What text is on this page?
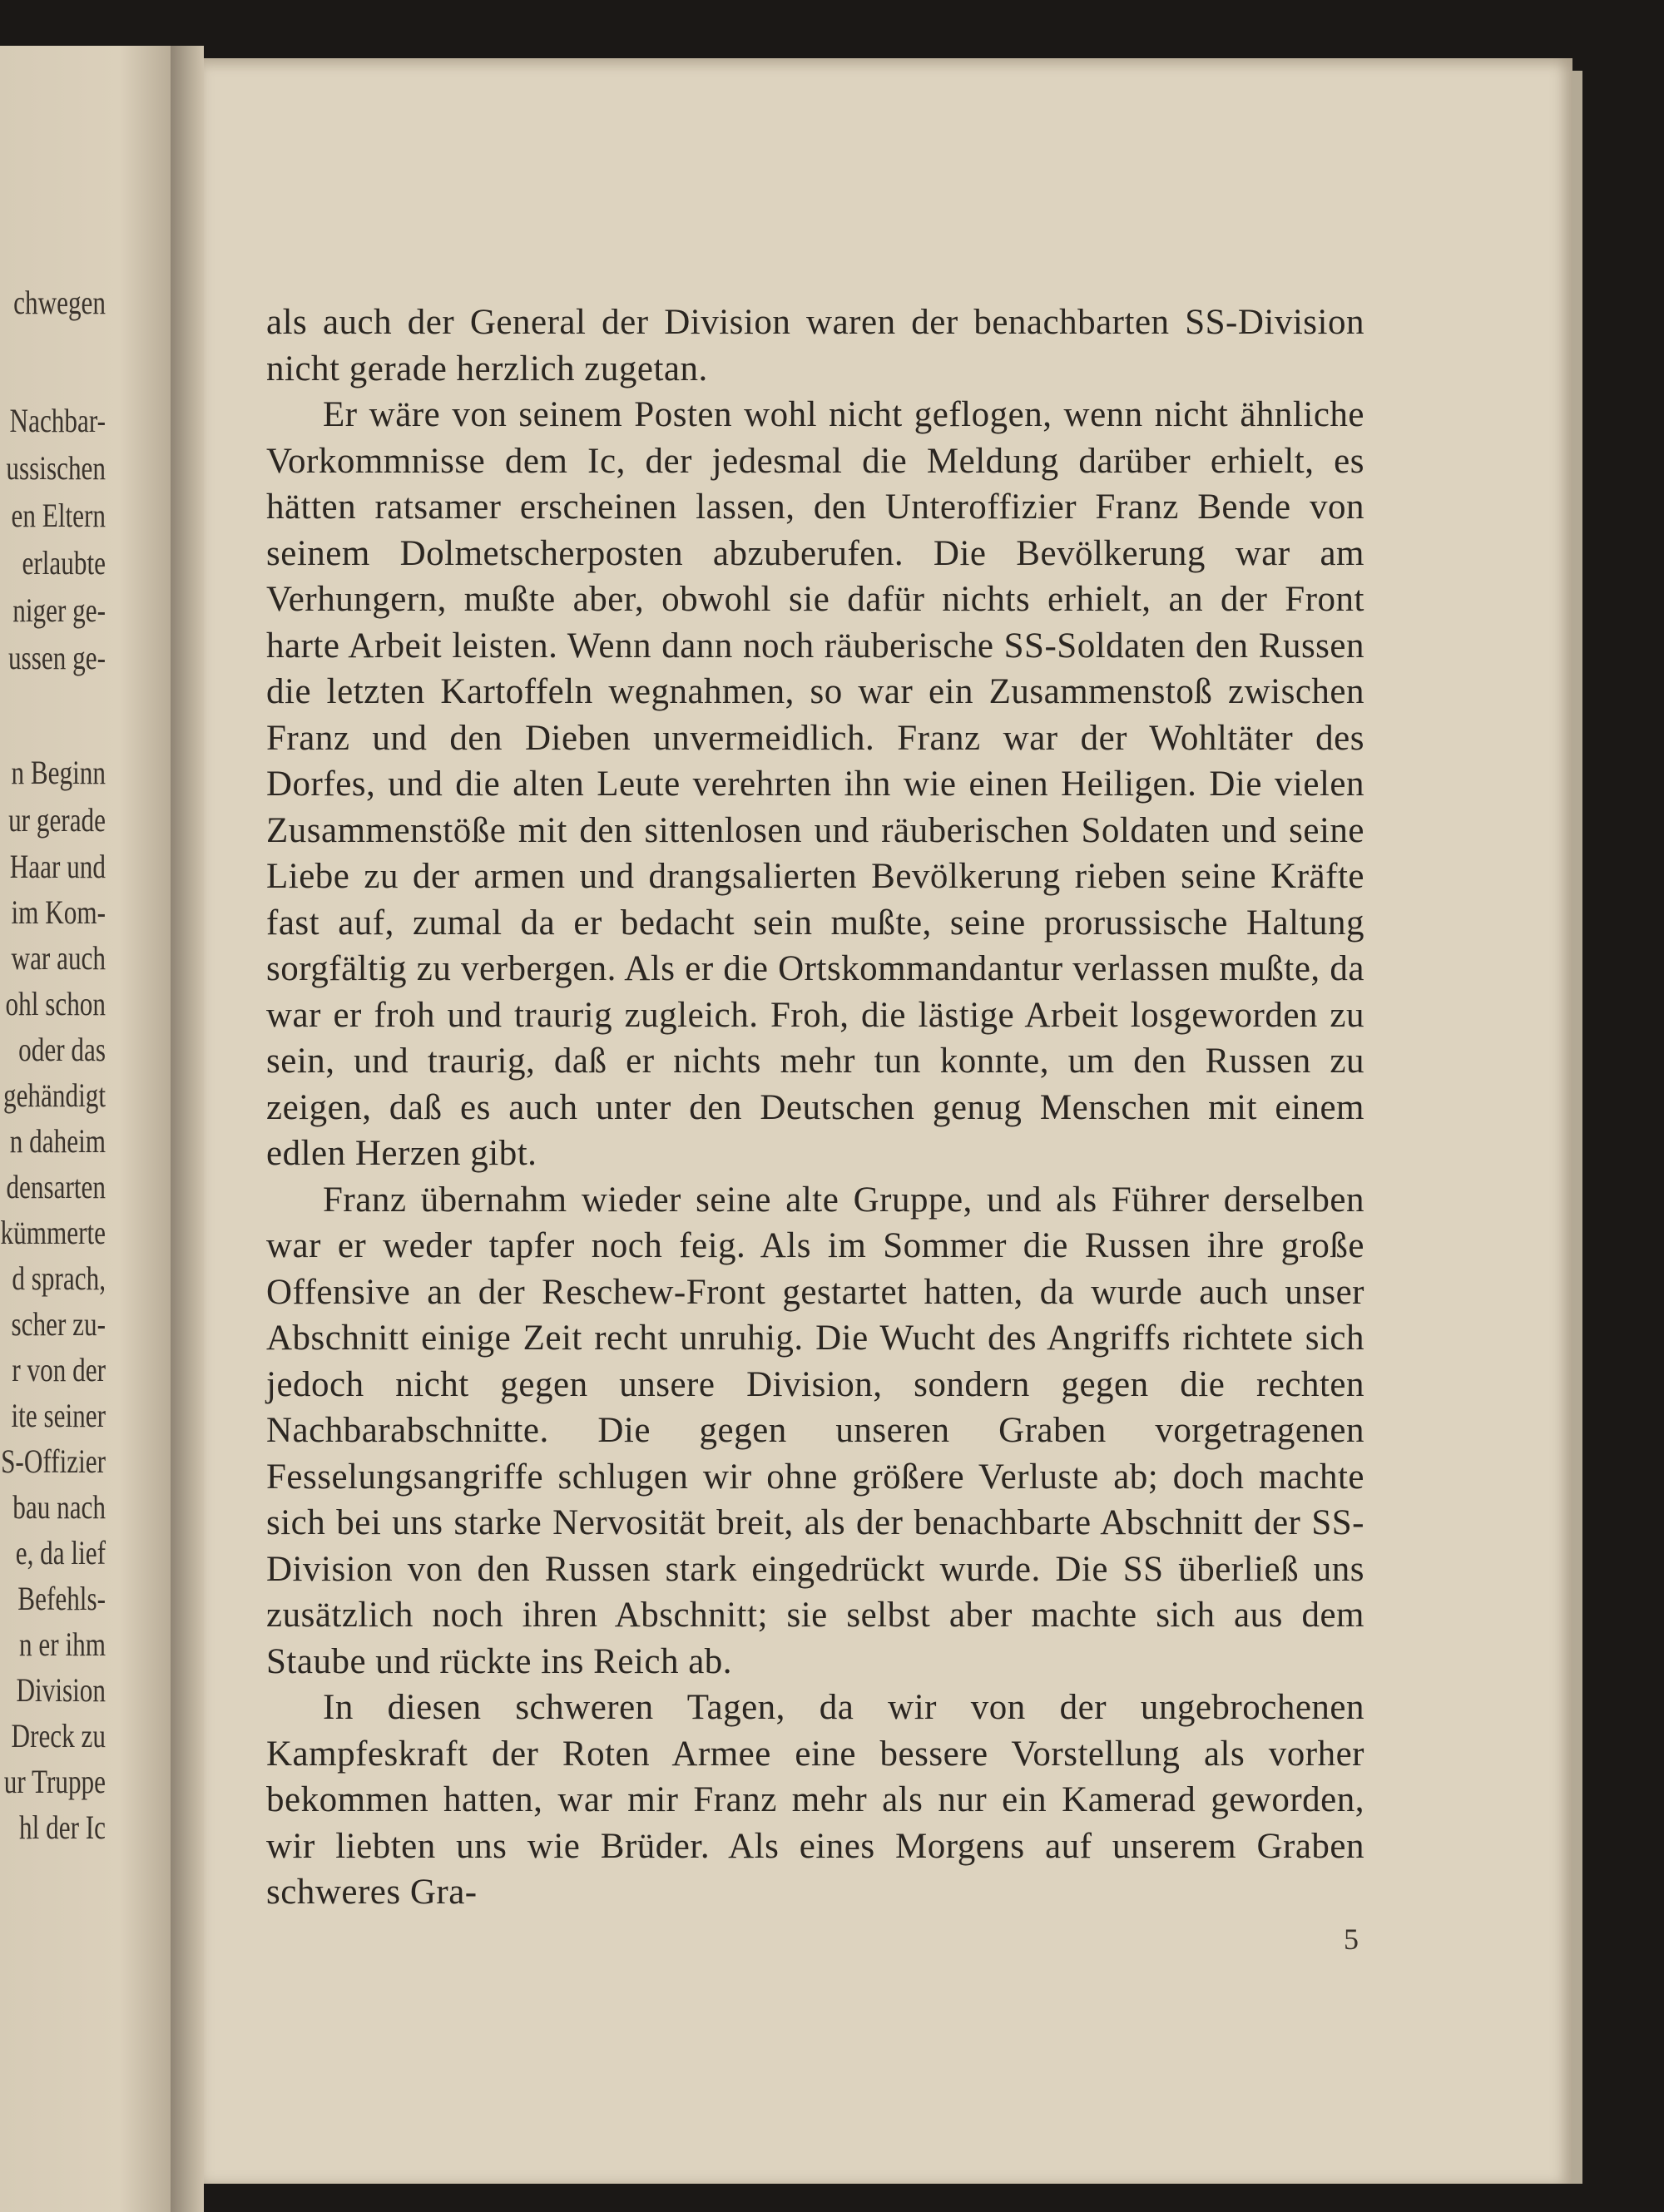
chwegen
Nachbar-
ussischen
en Eltern
erlaubte
niger ge-
ussen ge-
n Beginn
ur gerade
Haar und
im Kom-
war auch
ohl schon
oder das
gehändigt
n daheim
densarten
kümmerte
d sprach,
scher zu-
r von der
ite seiner
S-Offizier
bau nach
e, da lief
Befehls-
n er ihm
Division
Dreck zu
ur Truppe
hl der Ic

als auch der General der Division waren der benachbarten SS-Division nicht gerade herzlich zugetan.

Er wäre von seinem Posten wohl nicht geflogen, wenn nicht ähnliche Vorkommnisse dem Ic, der jedesmal die Meldung darüber erhielt, es hätten ratsamer erscheinen lassen, den Unteroffizier Franz Bende von seinem Dolmetscherposten abzuberufen. Die Bevölkerung war am Verhungern, mußte aber, obwohl sie dafür nichts erhielt, an der Front harte Arbeit leisten. Wenn dann noch räuberische SS-Soldaten den Russen die letzten Kartoffeln wegnahmen, so war ein Zusammenstoß zwischen Franz und den Dieben unvermeidlich. Franz war der Wohltäter des Dorfes, und die alten Leute verehrten ihn wie einen Heiligen. Die vielen Zusammenstöße mit den sittenlosen und räuberischen Soldaten und seine Liebe zu der armen und drangsalierten Bevölkerung rieben seine Kräfte fast auf, zumal da er bedacht sein mußte, seine prorussische Haltung sorgfältig zu verbergen. Als er die Ortskommandantur verlassen mußte, da war er froh und traurig zugleich. Froh, die lästige Arbeit losgeworden zu sein, und traurig, daß er nichts mehr tun konnte, um den Russen zu zeigen, daß es auch unter den Deutschen genug Menschen mit einem edlen Herzen gibt.

Franz übernahm wieder seine alte Gruppe, und als Führer derselben war er weder tapfer noch feig. Als im Sommer die Russen ihre große Offensive an der Reschew-Front gestartet hatten, da wurde auch unser Abschnitt einige Zeit recht unruhig. Die Wucht des Angriffs richtete sich jedoch nicht gegen unsere Division, sondern gegen die rechten Nachbarabschnitte. Die gegen unseren Graben vorgetragenen Fesselungsangriffe schlugen wir ohne größere Verluste ab; doch machte sich bei uns starke Nervosität breit, als der benachbarte Abschnitt der SS-Division von den Russen stark eingedrückt wurde. Die SS überließ uns zusätzlich noch ihren Abschnitt; sie selbst aber machte sich aus dem Staube und rückte ins Reich ab.

In diesen schweren Tagen, da wir von der ungebrochenen Kampfeskraft der Roten Armee eine bessere Vorstellung als vorher bekommen hatten, war mir Franz mehr als nur ein Kamerad geworden, wir liebten uns wie Brüder. Als eines Morgens auf unserem Graben schweres Gra-

5
